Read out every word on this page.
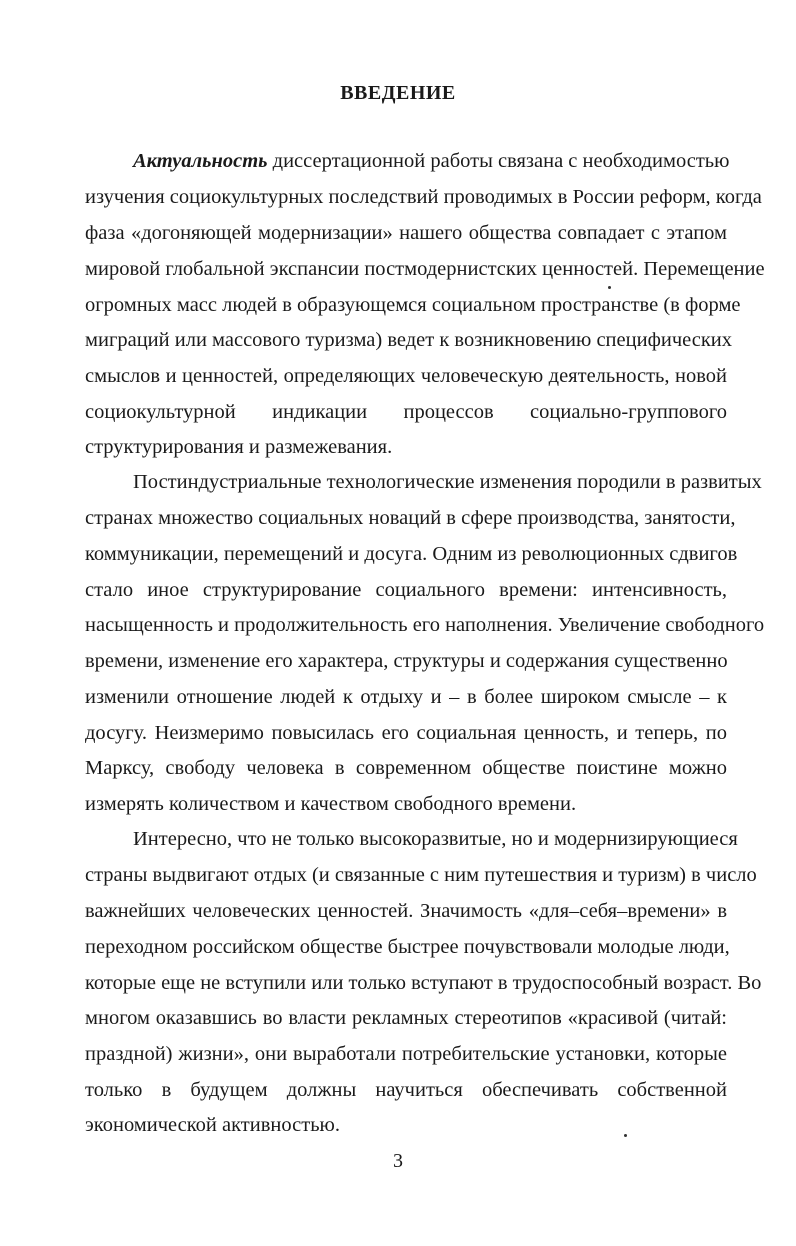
ВВЕДЕНИЕ
Актуальность диссертационной работы связана с необходимостью
изучения социокультурных последствий проводимых в России реформ, когда
фаза «догоняющей модернизации» нашего общества совпадает с этапом
мировой глобальной экспансии постмодернистских ценностей. Перемещение
огромных масс людей в образующемся социальном пространстве (в форме
миграций или массового туризма) ведет к возникновению специфических
смыслов и ценностей, определяющих человеческую деятельность, новой
социокультурной индикации процессов социально-группового
структурирования и размежевания.
Постиндустриальные технологические изменения породили в развитых
странах множество социальных новаций в сфере производства, занятости,
коммуникации, перемещений и досуга. Одним из революционных сдвигов
стало иное структурирование социального времени: интенсивность,
насыщенность и продолжительность его наполнения. Увеличение свободного
времени, изменение его характера, структуры и содержания существенно
изменили отношение людей к отдыху и – в более широком смысле – к
досугу. Неизмеримо повысилась его социальная ценность, и теперь, по
Марксу, свободу человека в современном обществе поистине можно
измерять количеством и качеством свободного времени.
Интересно, что не только высокоразвитые, но и модернизирующиеся
страны выдвигают отдых (и связанные с ним путешествия и туризм) в число
важнейших человеческих ценностей. Значимость «для–себя–времени» в
переходном российском обществе быстрее почувствовали молодые люди,
которые еще не вступили или только вступают в трудоспособный возраст. Во
многом оказавшись во власти рекламных стереотипов «красивой (читай:
праздной) жизни», они выработали потребительские установки, которые
только в будущем должны научиться обеспечивать собственной
экономической активностью.
3
